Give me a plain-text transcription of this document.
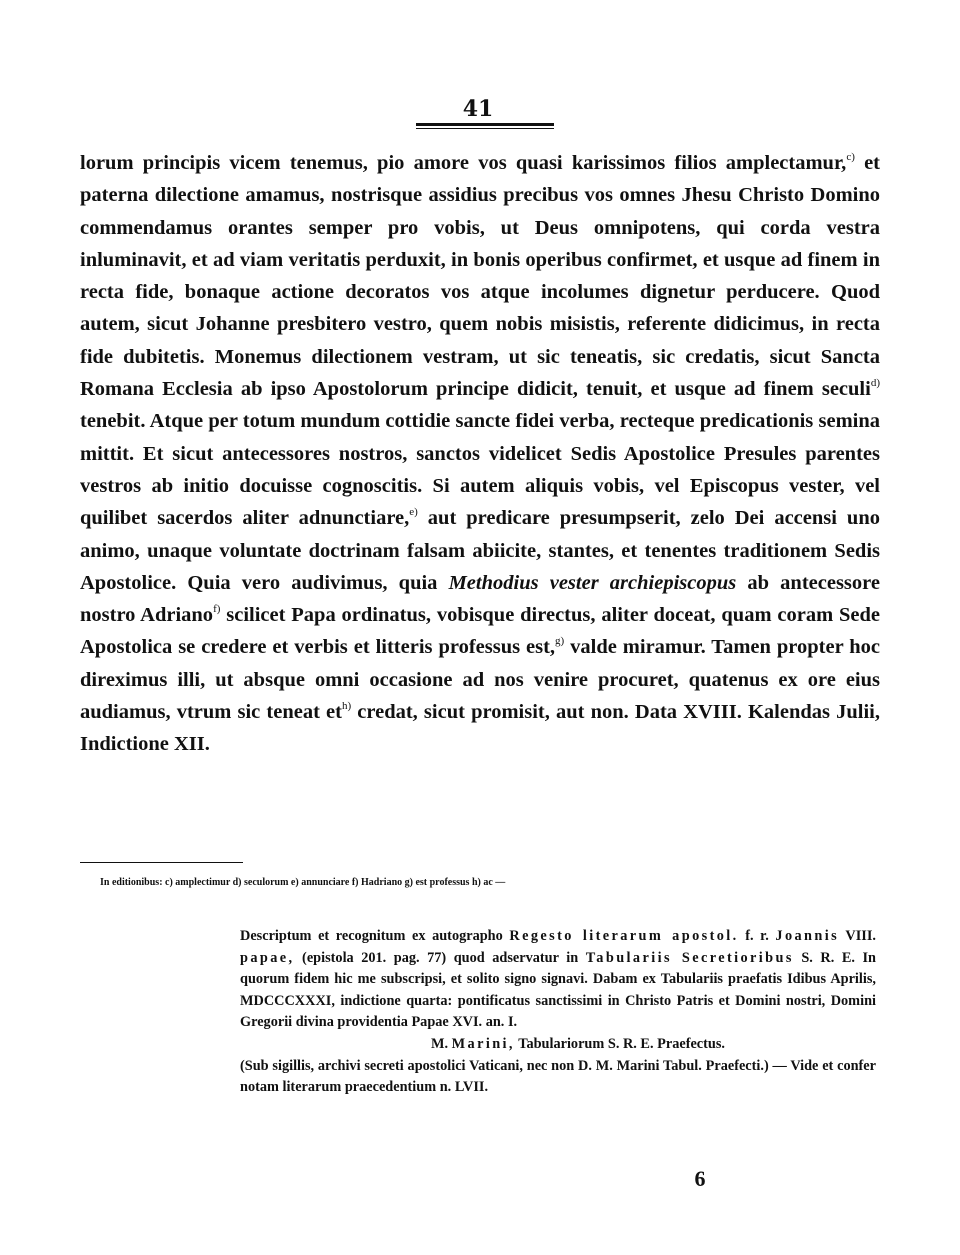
41

lorum principis vicem tenemus, pio amore vos quasi karissimos filios amplectamur,$^{c)}$ et paterna dilectione amamus, nostrisque assidius precibus vos omnes Jhesu Christo Domino commendamus orantes semper pro vobis, ut Deus omnipotens, qui corda vestra inluminavit, et ad viam veritatis perduxit, in bonis operibus confirmet, et usque ad finem in recta fide, bonaque actione decoratos vos atque incolumes dignetur perducere. Quod autem, sicut Johanne presbitero vestro, quem nobis misistis, referente didicimus, in recta fide dubitetis. Monemus dilectionem vestram, ut sic teneatis, sic credatis, sicut Sancta Romana Ecclesia ab ipso Apostolorum principe didicit, tenuit, et usque ad finem seculi$^{d)}$ tenebit. Atque per totum mundum cottidie sancte fidei verba, recteque predicationis semina mittit. Et sicut antecessores nostros, sanctos videlicet Sedis Apostolice Presules parentes vestros ab initio docuisse cognoscitis. Si autem aliquis vobis, vel Episcopus vester, vel quilibet sacerdos aliter adnunctiare,$^{e)}$ aut predicare presumpserit, zelo Dei accensi uno animo, unaque voluntate doctrinam falsam abiicite, stantes, et tenentes traditionem Sedis Apostolice. Quia vero audivimus, quia Methodius vester archiepiscopus ab antecessore nostro Adriano$^{f)}$ scilicet Papa ordinatus, vobisque directus, aliter doceat, quam coram Sede Apostolica se credere et verbis et litteris professus est,$^{g)}$ valde miramur. Tamen propter hoc direximus illi, ut absque omni occasione ad nos venire procuret, quatenus ex ore eius audiamus, vtrum sic teneat $et^{h)}$ credat, sicut promisit, aut non. Data XVIII. Kalendas Julii, Indictione XII.

In editionibus: c) amplectimur d) seculorum e) annunciare f) Hadriano g) est professus h) ac —

Descriptum et recognitum ex autographo Regesto literarum apostol. f. r. Joannis VIII. papae, (epistola 201. pag. 77) quod adservatur in Tabulariis Secretioribus S. R. E. In quorum fidem hic me subscripsi, et solito signo signavi. Dabam ex Tabulariis praefatis Idibus Aprilis, MDCCCXXXI, indictione quarta: pontificatus sanctissimi in Christo Patris et Domini nostri, Domini Gregorii divina providentia Papae XVI. an. I.

M. Marini, Tabulariorum S. R. E. Praefectus.

(Sub sigillis, archivi secreti apostolici Vaticani, nec non D. M. Marini Tabul. Praefecti.) — Vide et confer notam literarum praecedentium n. LVII.

6
